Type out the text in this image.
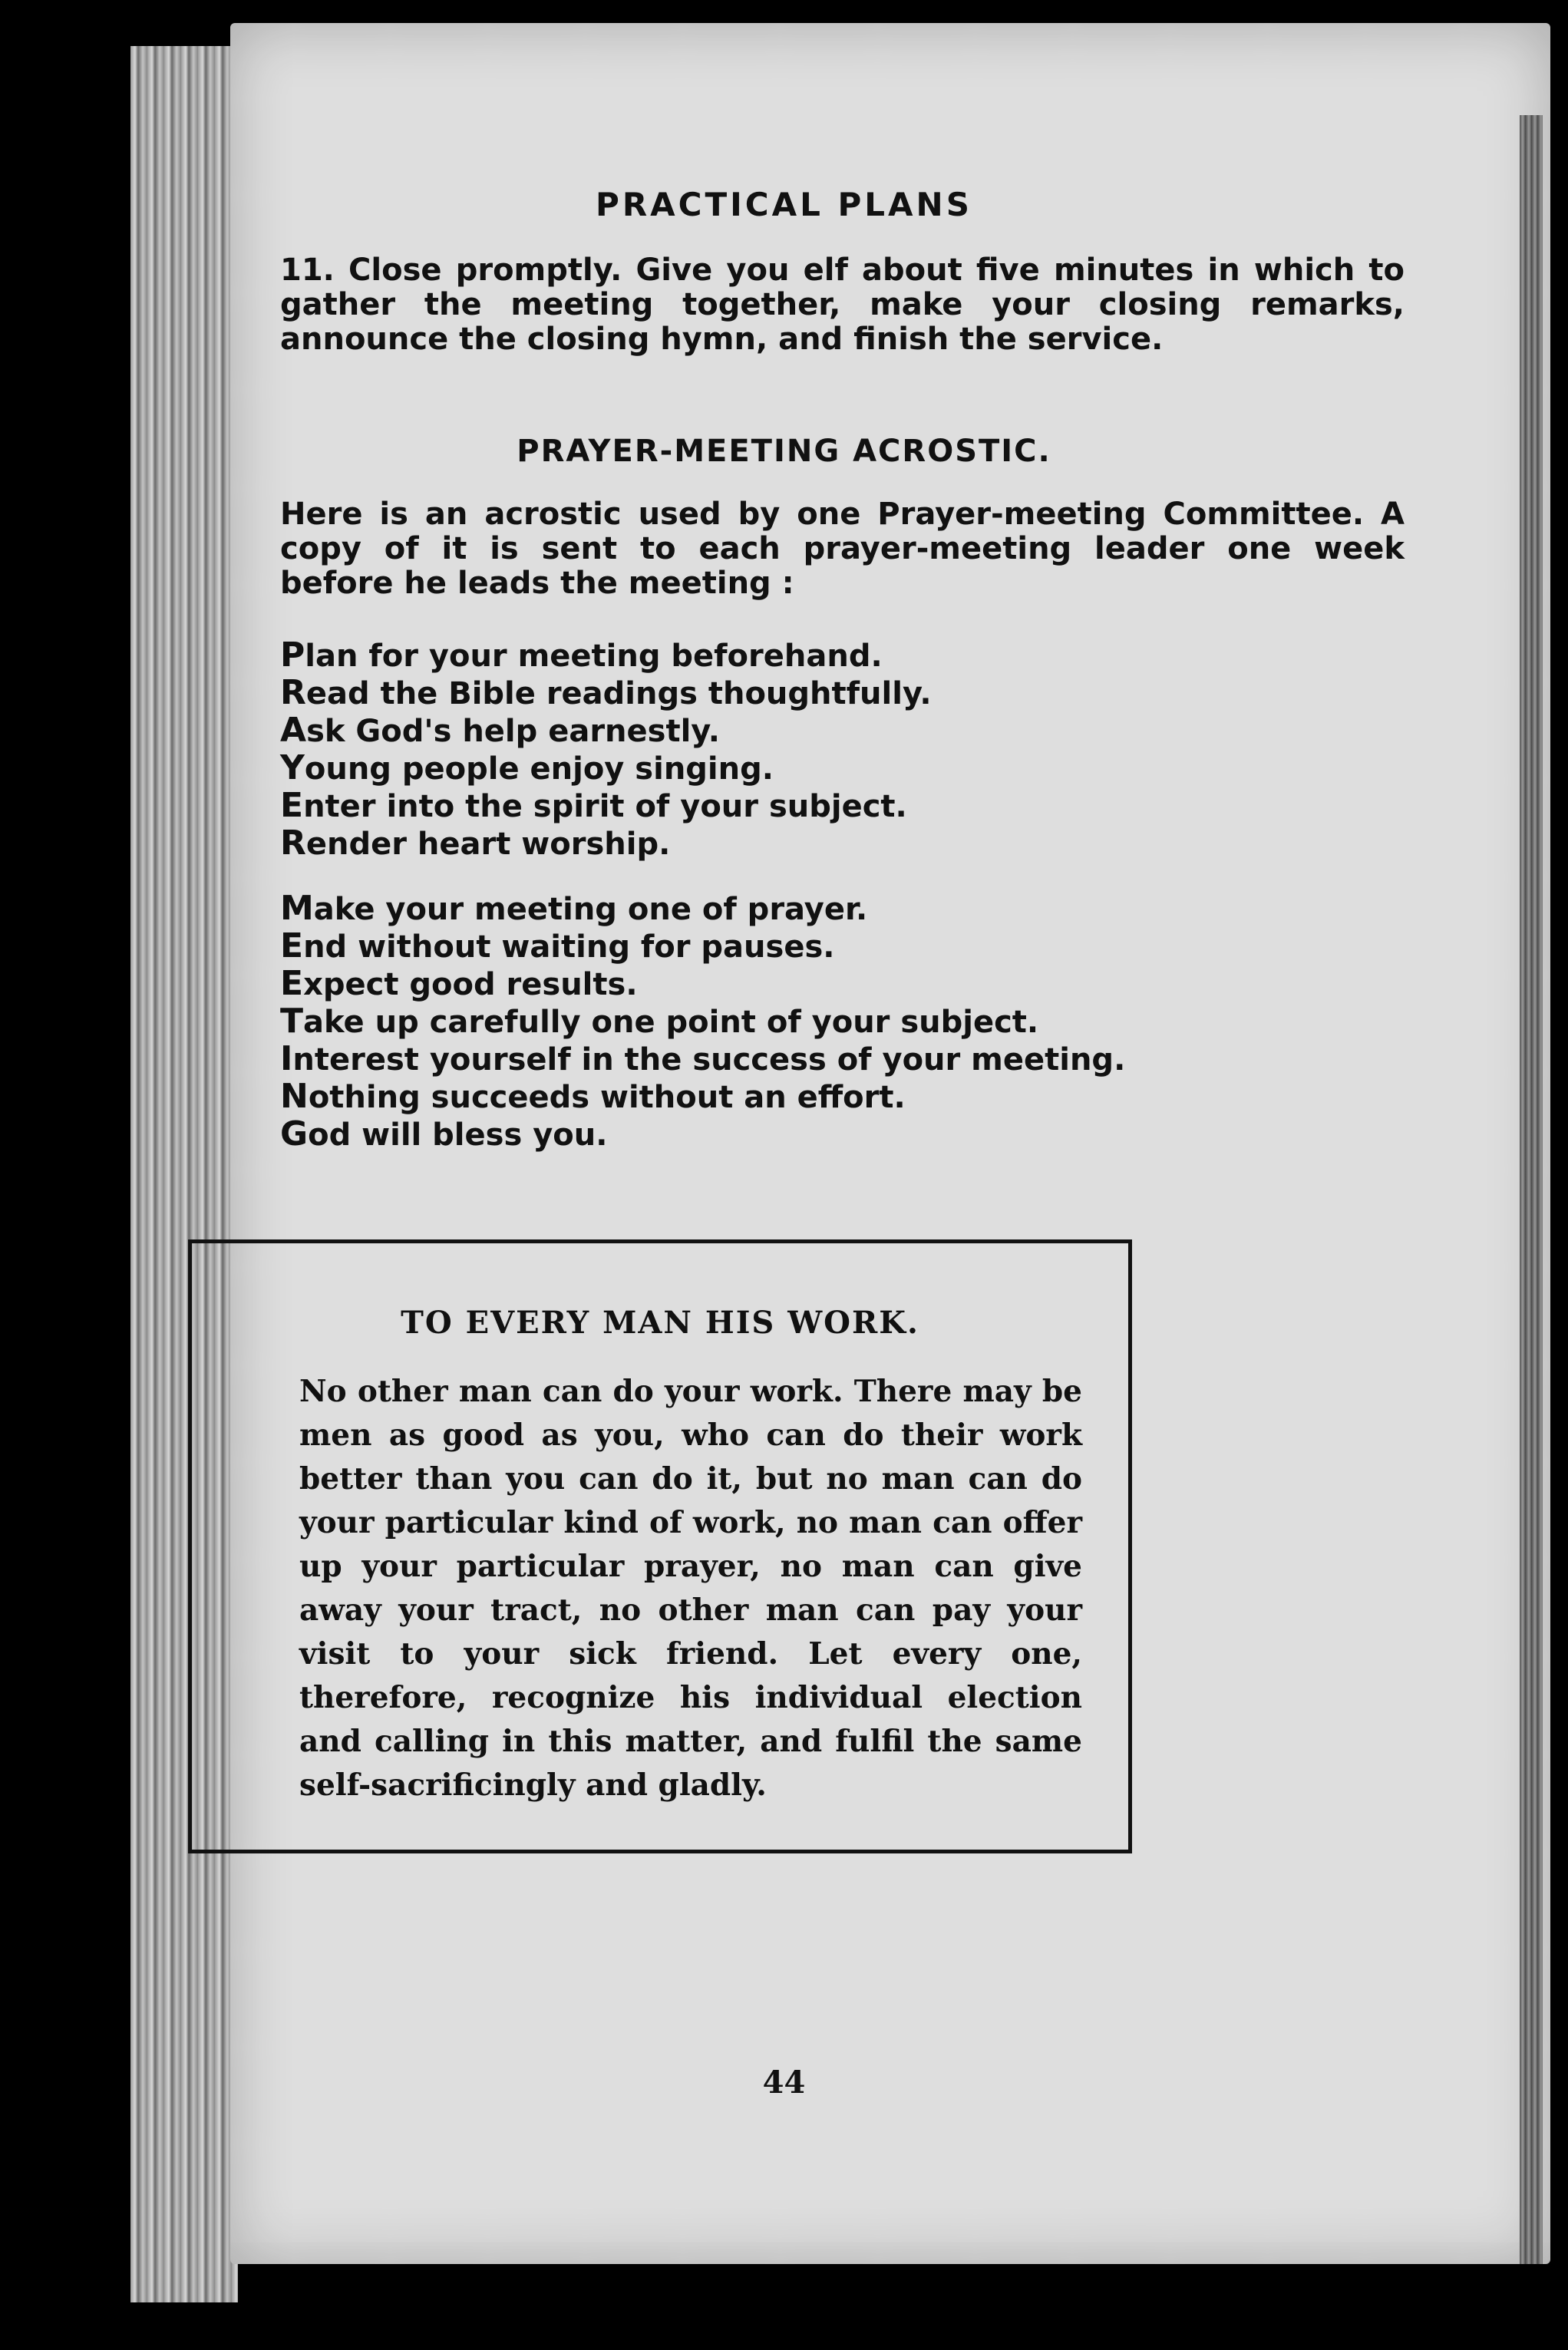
PRACTICAL PLANS
11. Close promptly. Give you elf about five minutes in which to gather the meeting together, make your closing remarks, announce the closing hymn, and finish the service.
PRAYER-MEETING ACROSTIC.
Here is an acrostic used by one Prayer-meeting Committee. A copy of it is sent to each prayer-meeting leader one week before he leads the meeting :
Plan for your meeting beforehand.
Read the Bible readings thoughtfully.
Ask God's help earnestly.
Young people enjoy singing.
Enter into the spirit of your subject.
Render heart worship.
Make your meeting one of prayer.
End without waiting for pauses.
Expect good results.
Take up carefully one point of your subject.
Interest yourself in the success of your meeting.
Nothing succeeds without an effort.
God will bless you.
TO EVERY MAN HIS WORK.
No other man can do your work. There may be men as good as you, who can do their work better than you can do it, but no man can do your particular kind of work, no man can offer up your particular prayer, no man can give away your tract, no other man can pay your visit to your sick friend. Let every one, therefore, recognize his individual election and calling in this matter, and fulfil the same self-sacrificingly and gladly.
44
